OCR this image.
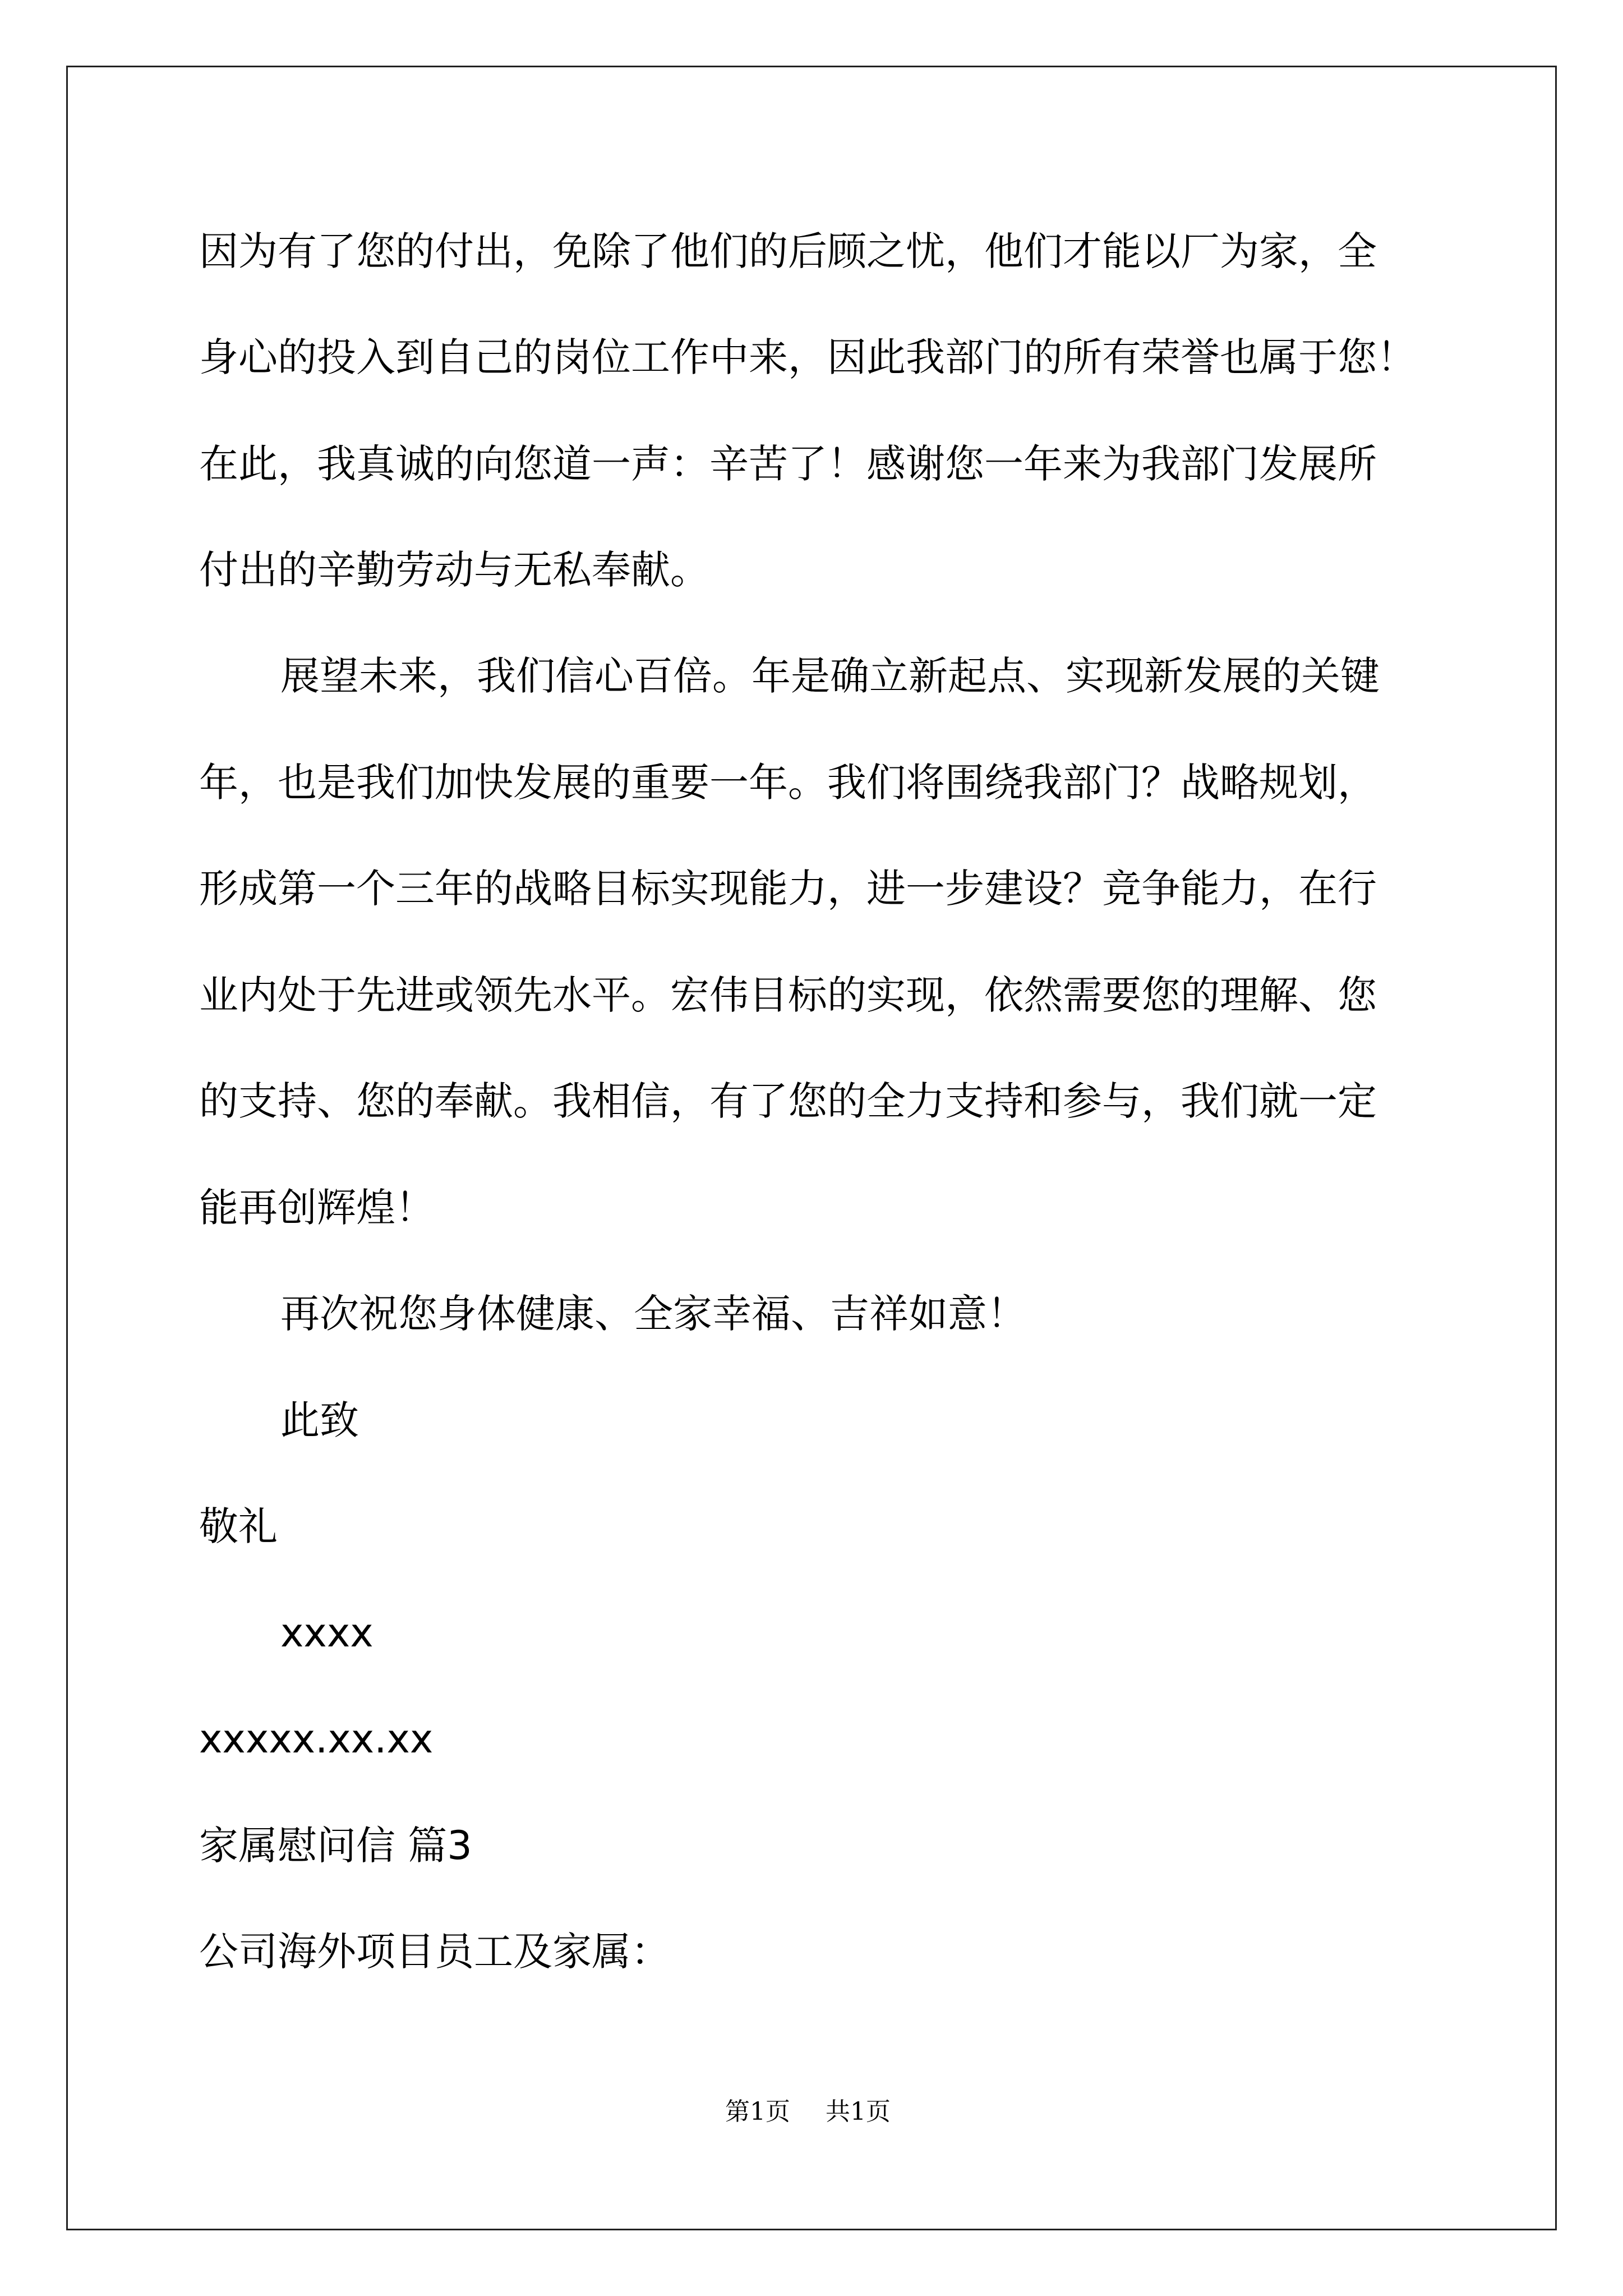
因为有了您的付出，免除了他们的后顾之忧，他们才能以厂为家，全

身心的投入到自己的岗位工作中来，因此我部门的所有荣誉也属于您！

在此，我真诚的向您道一声：辛苦了！感谢您一年来为我部门发展所

付出的辛勤劳动与无私奉献。

展望未来，我们信心百倍。年是确立新起点、实现新发展的关键

年，也是我们加快发展的重要一年。我们将围绕我部门？战略规划，

形成第一个三年的战略目标实现能力，进一步建设？竞争能力，在行

业内处于先进或领先水平。宏伟目标的实现，依然需要您的理解、您

的支持、您的奉献。我相信，有了您的全力支持和参与，我们就一定

能再创辉煌！

再次祝您身体健康、全家幸福、吉祥如意！

此致

敬礼

xxxx

xxxxx.xx.xx

家属慰问信 篇3

公司海外项目员工及家属：

第1页 共1页
